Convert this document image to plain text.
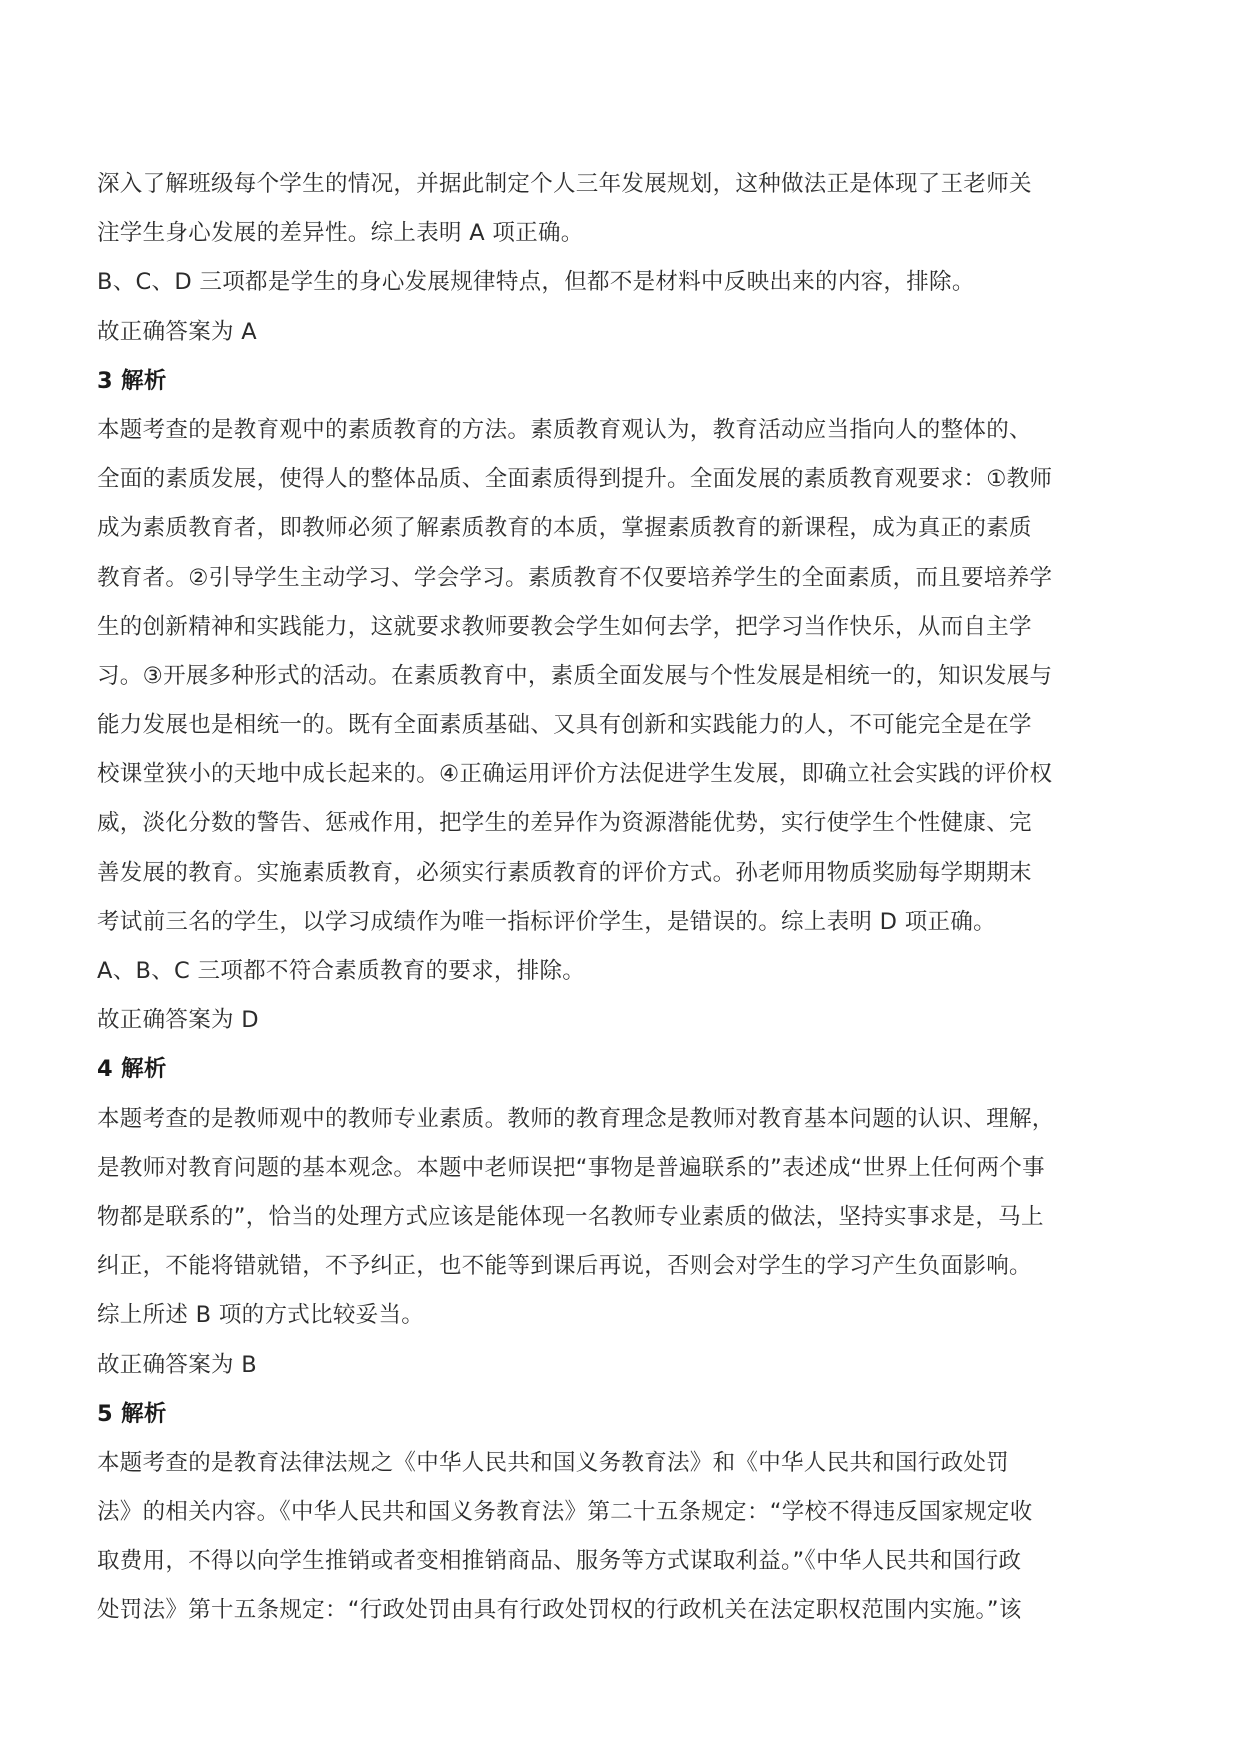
深入了解班级每个学生的情况，并据此制定个人三年发展规划，这种做法正是体现了王老师关
注学生身心发展的差异性。综上表明 A 项正确。
B、C、D 三项都是学生的身心发展规律特点，但都不是材料中反映出来的内容，排除。
故正确答案为 A
3 解析
本题考查的是教育观中的素质教育的方法。素质教育观认为，教育活动应当指向人的整体的、
全面的素质发展，使得人的整体品质、全面素质得到提升。全面发展的素质教育观要求：①教师
成为素质教育者，即教师必须了解素质教育的本质，掌握素质教育的新课程，成为真正的素质
教育者。②引导学生主动学习、学会学习。素质教育不仅要培养学生的全面素质，而且要培养学
生的创新精神和实践能力，这就要求教师要教会学生如何去学，把学习当作快乐，从而自主学
习。③开展多种形式的活动。在素质教育中，素质全面发展与个性发展是相统一的，知识发展与
能力发展也是相统一的。既有全面素质基础、又具有创新和实践能力的人，不可能完全是在学
校课堂狭小的天地中成长起来的。④正确运用评价方法促进学生发展，即确立社会实践的评价权
威，淡化分数的警告、惩戒作用，把学生的差异作为资源潜能优势，实行使学生个性健康、完
善发展的教育。实施素质教育，必须实行素质教育的评价方式。孙老师用物质奖励每学期期末
考试前三名的学生，以学习成绩作为唯一指标评价学生，是错误的。综上表明 D 项正确。
A、B、C 三项都不符合素质教育的要求，排除。
故正确答案为 D
4 解析
本题考查的是教师观中的教师专业素质。教师的教育理念是教师对教育基本问题的认识、理解，
是教师对教育问题的基本观念。本题中老师误把“事物是普遍联系的”表述成“世界上任何两个事
物都是联系的”，恰当的处理方式应该是能体现一名教师专业素质的做法，坚持实事求是，马上
纠正，不能将错就错，不予纠正，也不能等到课后再说，否则会对学生的学习产生负面影响。
综上所述 B 项的方式比较妥当。
故正确答案为 B
5 解析
本题考查的是教育法律法规之《中华人民共和国义务教育法》和《中华人民共和国行政处罚
法》的相关内容。《中华人民共和国义务教育法》第二十五条规定：“学校不得违反国家规定收
取费用，不得以向学生推销或者变相推销商品、服务等方式谋取利益。”《中华人民共和国行政
处罚法》第十五条规定：“行政处罚由具有行政处罚权的行政机关在法定职权范围内实施。”该
